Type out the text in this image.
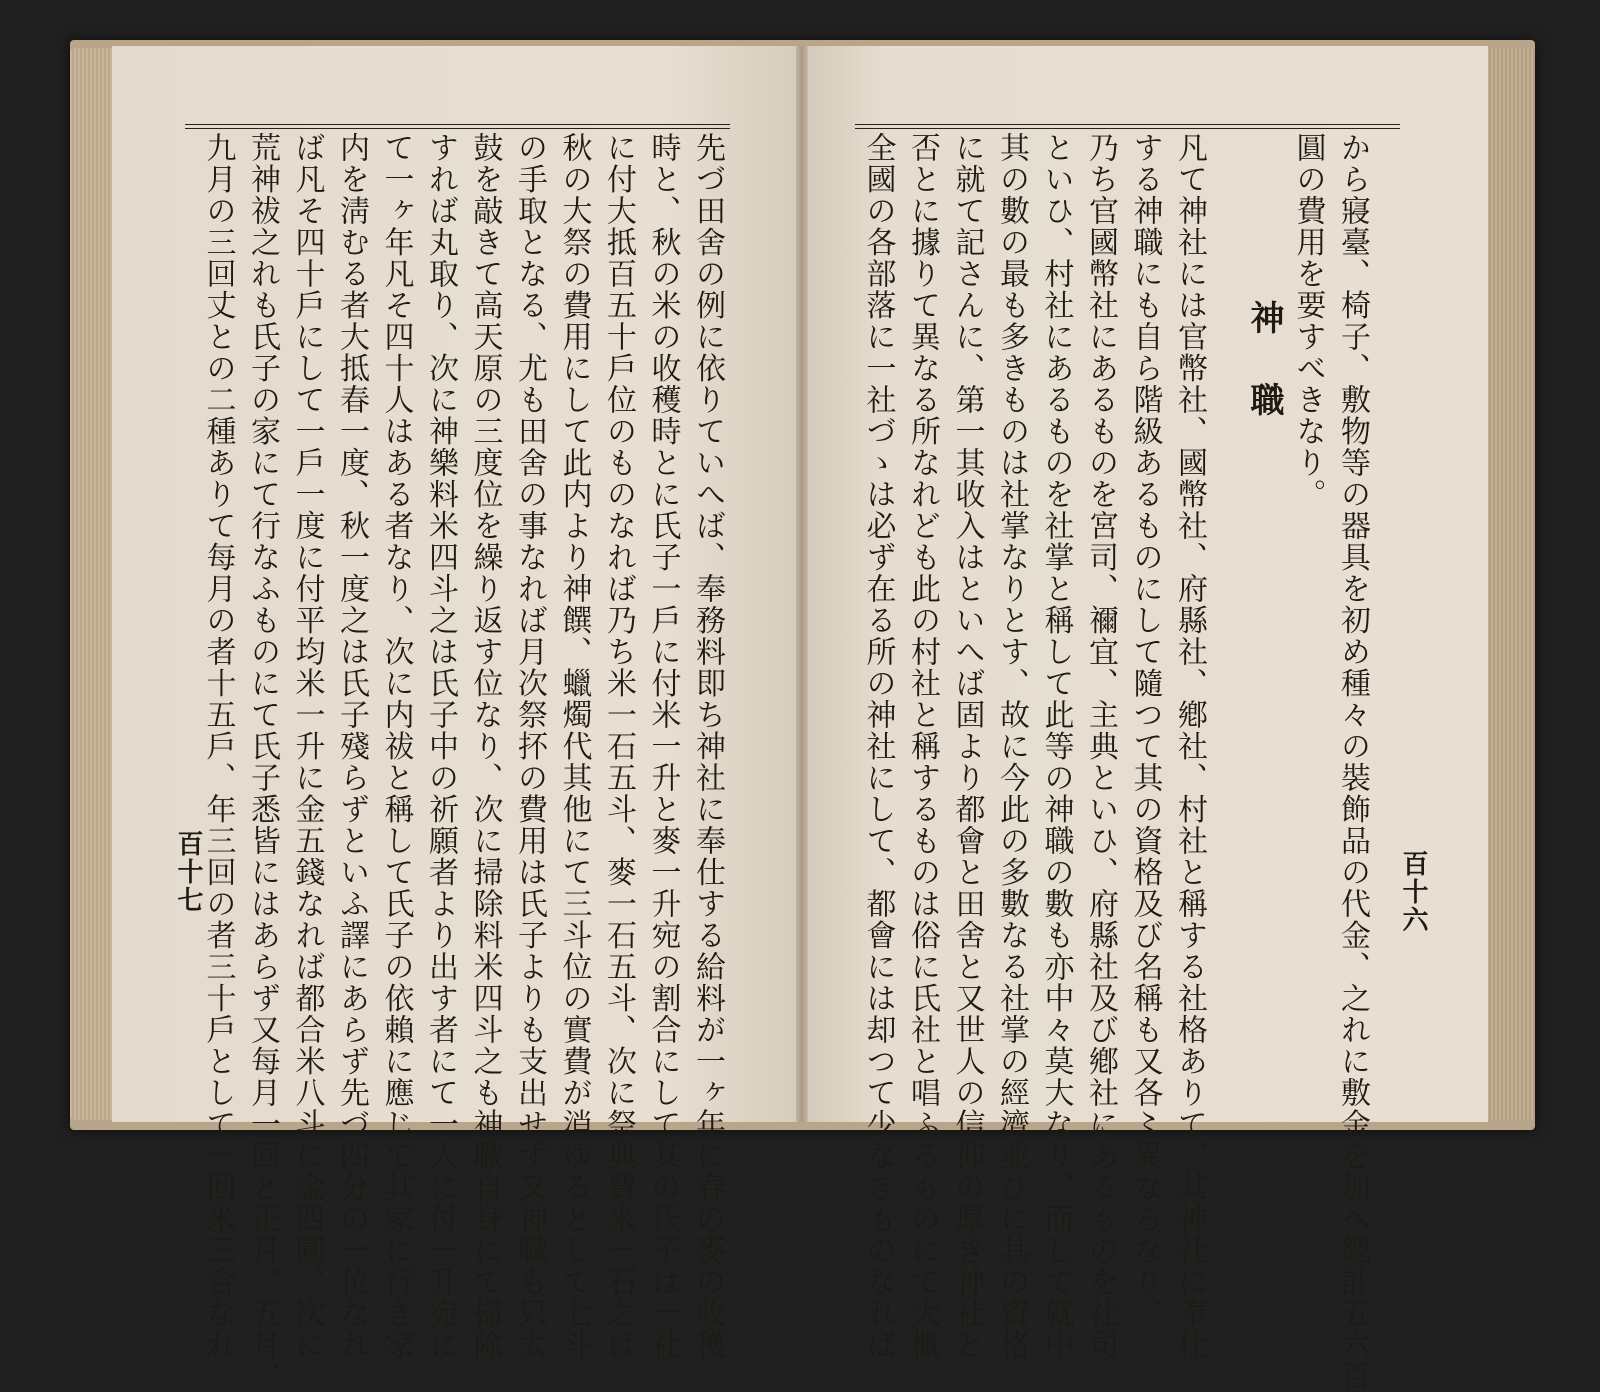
から寢臺、椅子、敷物等の器具を初め種々の裝飾品の代金、之れに敷金を加へ總計五六百
圓の費用を要すべきなり。
神職
凡て神社には官幣社、國幣社、府縣社、鄕社、村社と稱する社格ありて、其神社に奉仕
する神職にも自ら階級あるものにして隨つて其の資格及び名稱も又各〻異なるなり、
乃ち官國幣社にあるものを宮司、禰宜、主典といひ、府縣社及び鄕社にあるものを社司
といひ、村社にあるものを社掌と稱して此等の神職の數も亦中々莫大なり、而して就中
其の數の最も多きものは社掌なりとす、故に今此の多數なる社掌の經濟並びに其の資格
に就て記さんに、第一其收入はといへば固より都會と田舍と又世人の信仰の厚き神社と
否とに據りて異なる所なれども此の村社と稱するものは俗に氏社と唱ふるものにて大概
全國の各部落に一社づゝは必ず在る所の神社にして、都會には却つて少なきものなれば	百十六
先づ田舍の例に依りていへば、奉務料即ち神社に奉仕する給料が一ヶ年に春の麥の收穫
時と、秋の米の收穫時とに氏子一戶に付米一升と麥一升宛の割合にして其の氏子は一社
に付大抵百五十戶位のものなれば乃ち米一石五斗、麥一石五斗、次に祭典費米一石之は
秋の大祭の費用にして此内より神饌、蠟燭代其他にて三斗位の實費が消ゆるとして七斗
の手取となる、尤も田舍の事なれば月次祭抔の費用は氏子よりも支出せず又神職も只太
鼓を敲きて高天原の三度位を繰り返す位なり、次に掃除料米四斗之も神職自身にて掃除
すれば丸取り、次に神樂料米四斗之は氏子中の祈願者より出す者にて一人に付一升宛に
て一ヶ年凡そ四十人はある者なり、次に内祓と稱して氏子の依賴に應じて其家に行き家
内を淸むる者大抵春一度、秋一度之は氏子殘らずといふ譯にあらず先づ四分の一位なれ
ば凡そ四十戶にして一戶一度に付平均米一升に金五錢なれば都合米八斗に金四圓、次に
荒神祓之れも氏子の家にて行なふものにて氏子悉皆にはあらず又每月一回と正月、五月、
九月の三回丈との二種ありて每月の者十五戶、年三回の者三十戶として一回米三合なれ
百十七
